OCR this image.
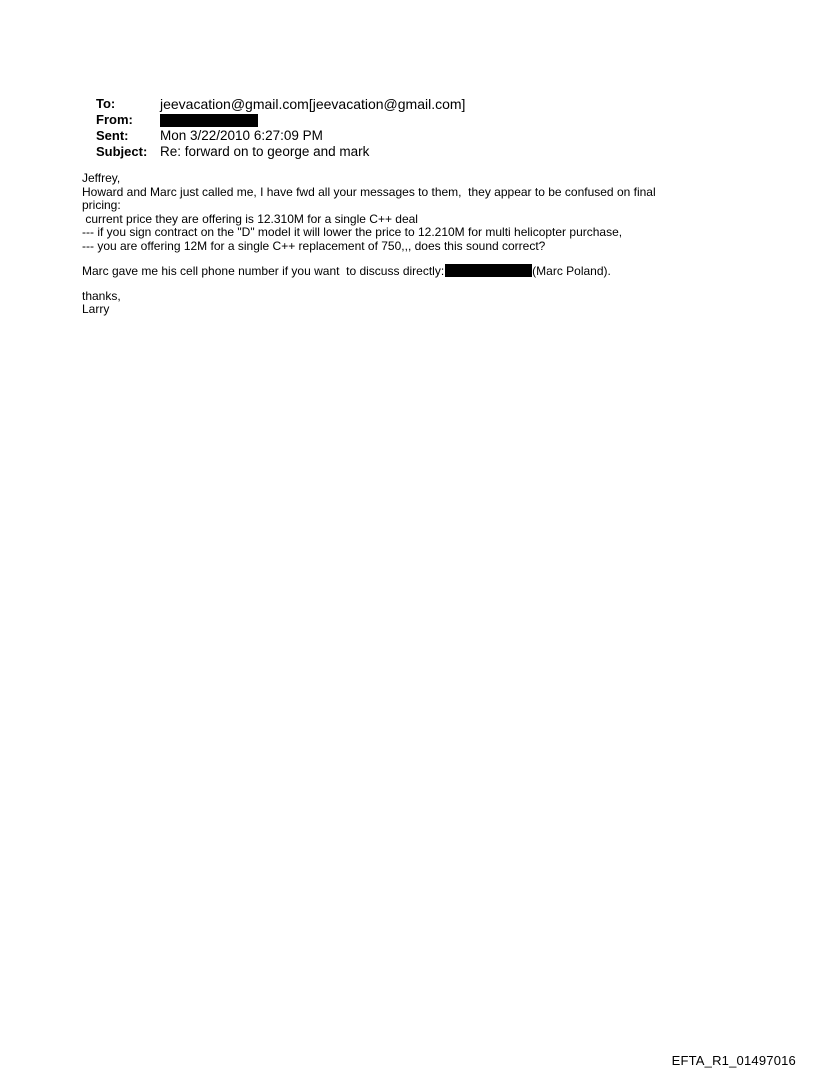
To:	jeevacation@gmail.com[jeevacation@gmail.com]
From:
Sent:	Mon 3/22/2010 6:27:09 PM
Subject: Re: forward on to george and mark

Jeffrey,

Howard and Marc just called me, I have fwd all your messages to them,  they appear to be confused on final

pricing:

current price they are offering is 12.310M for a single C++ deal

--- if you sign contract on the "D" model it will lower the price to 12.210M for multi helicopter purchase,

--- you are offering 12M for a single C++ replacement of 750,,, does this sound correct?

Marc gave me his cell phone number if you want  to discuss directly:	(Marc Poland).

thanks,

Larry

EFTA_R1_01497016
